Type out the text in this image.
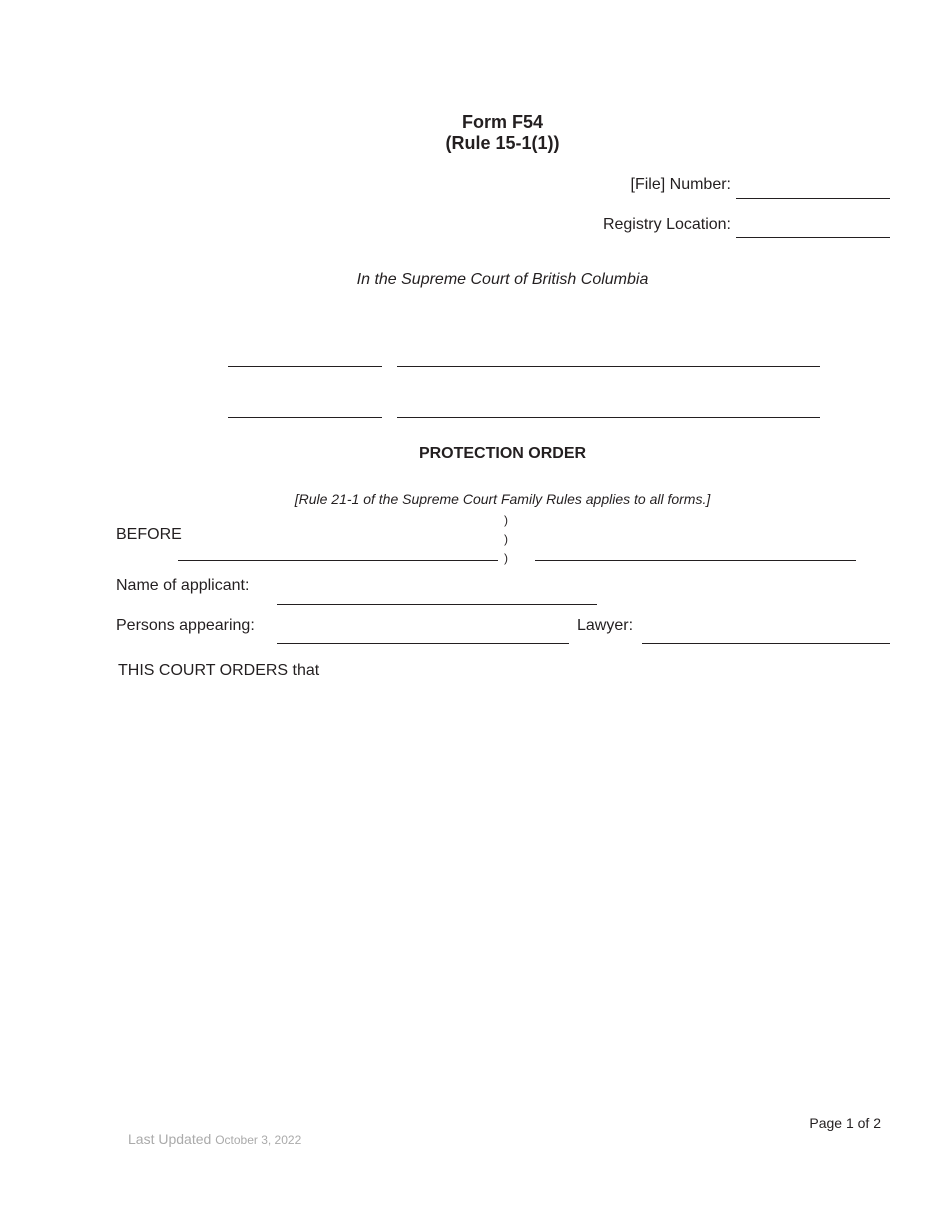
Form F54
(Rule 15-1(1))
[File] Number:
Registry Location:
In the Supreme Court of British Columbia
PROTECTION ORDER
[Rule 21-1 of the Supreme Court Family Rules applies to all forms.]
BEFORE
)
)
)
Name of applicant:
Persons appearing:	Lawyer:
THIS COURT ORDERS that
Page 1 of 2
Last Updated October 3, 2022
